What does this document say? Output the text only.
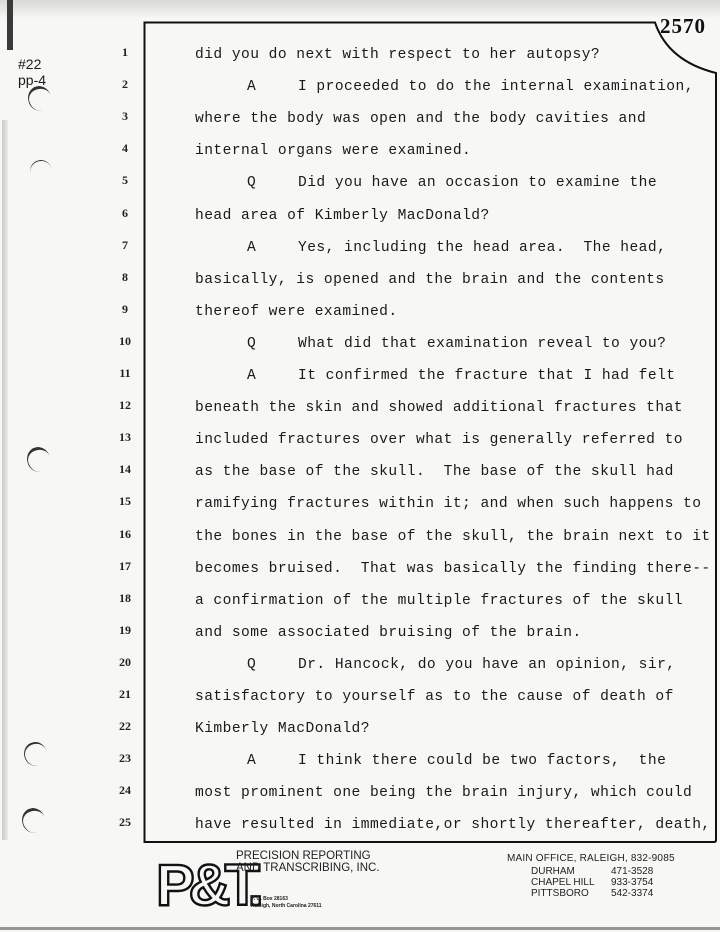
#22
pp-4
2570
1
2
3
4
5
6
7
8
9
10
11
12
13
14
15
16
17
18
19
20
21
22
23
24
25
did you do next with respect to her autopsy?
A	I proceeded to do the internal examination,
where the body was open and the body cavities and
internal organs were examined.
Q	Did you have an occasion to examine the
head area of Kimberly MacDonald?
A	Yes, including the head area.  The head,
basically, is opened and the brain and the contents
thereof were examined.
Q	What did that examination reveal to you?
A	It confirmed the fracture that I had felt
beneath the skin and showed additional fractures that
included fractures over what is generally referred to
as the base of the skull.  The base of the skull had
ramifying fractures within it; and when such happens to
the bones in the base of the skull, the brain next to it
becomes bruised.  That was basically the finding there--
a confirmation of the multiple fractures of the skull
and some associated bruising of the brain.
Q	Dr. Hancock, do you have an opinion, sir,
satisfactory to yourself as to the cause of death of
Kimberly MacDonald?
A	I think there could be two factors,  the
most prominent one being the brain injury, which could
have resulted in immediate,or shortly thereafter, death,
P&T.
PRECISION REPORTING
AND TRANSCRIBING, INC.
P. O. Box 28163
Raleigh, North Carolina 27611
MAIN OFFICE, RALEIGH, 832-9085
DURHAM	471-3528
CHAPEL HILL	933-3754
PITTSBORO	542-3374
